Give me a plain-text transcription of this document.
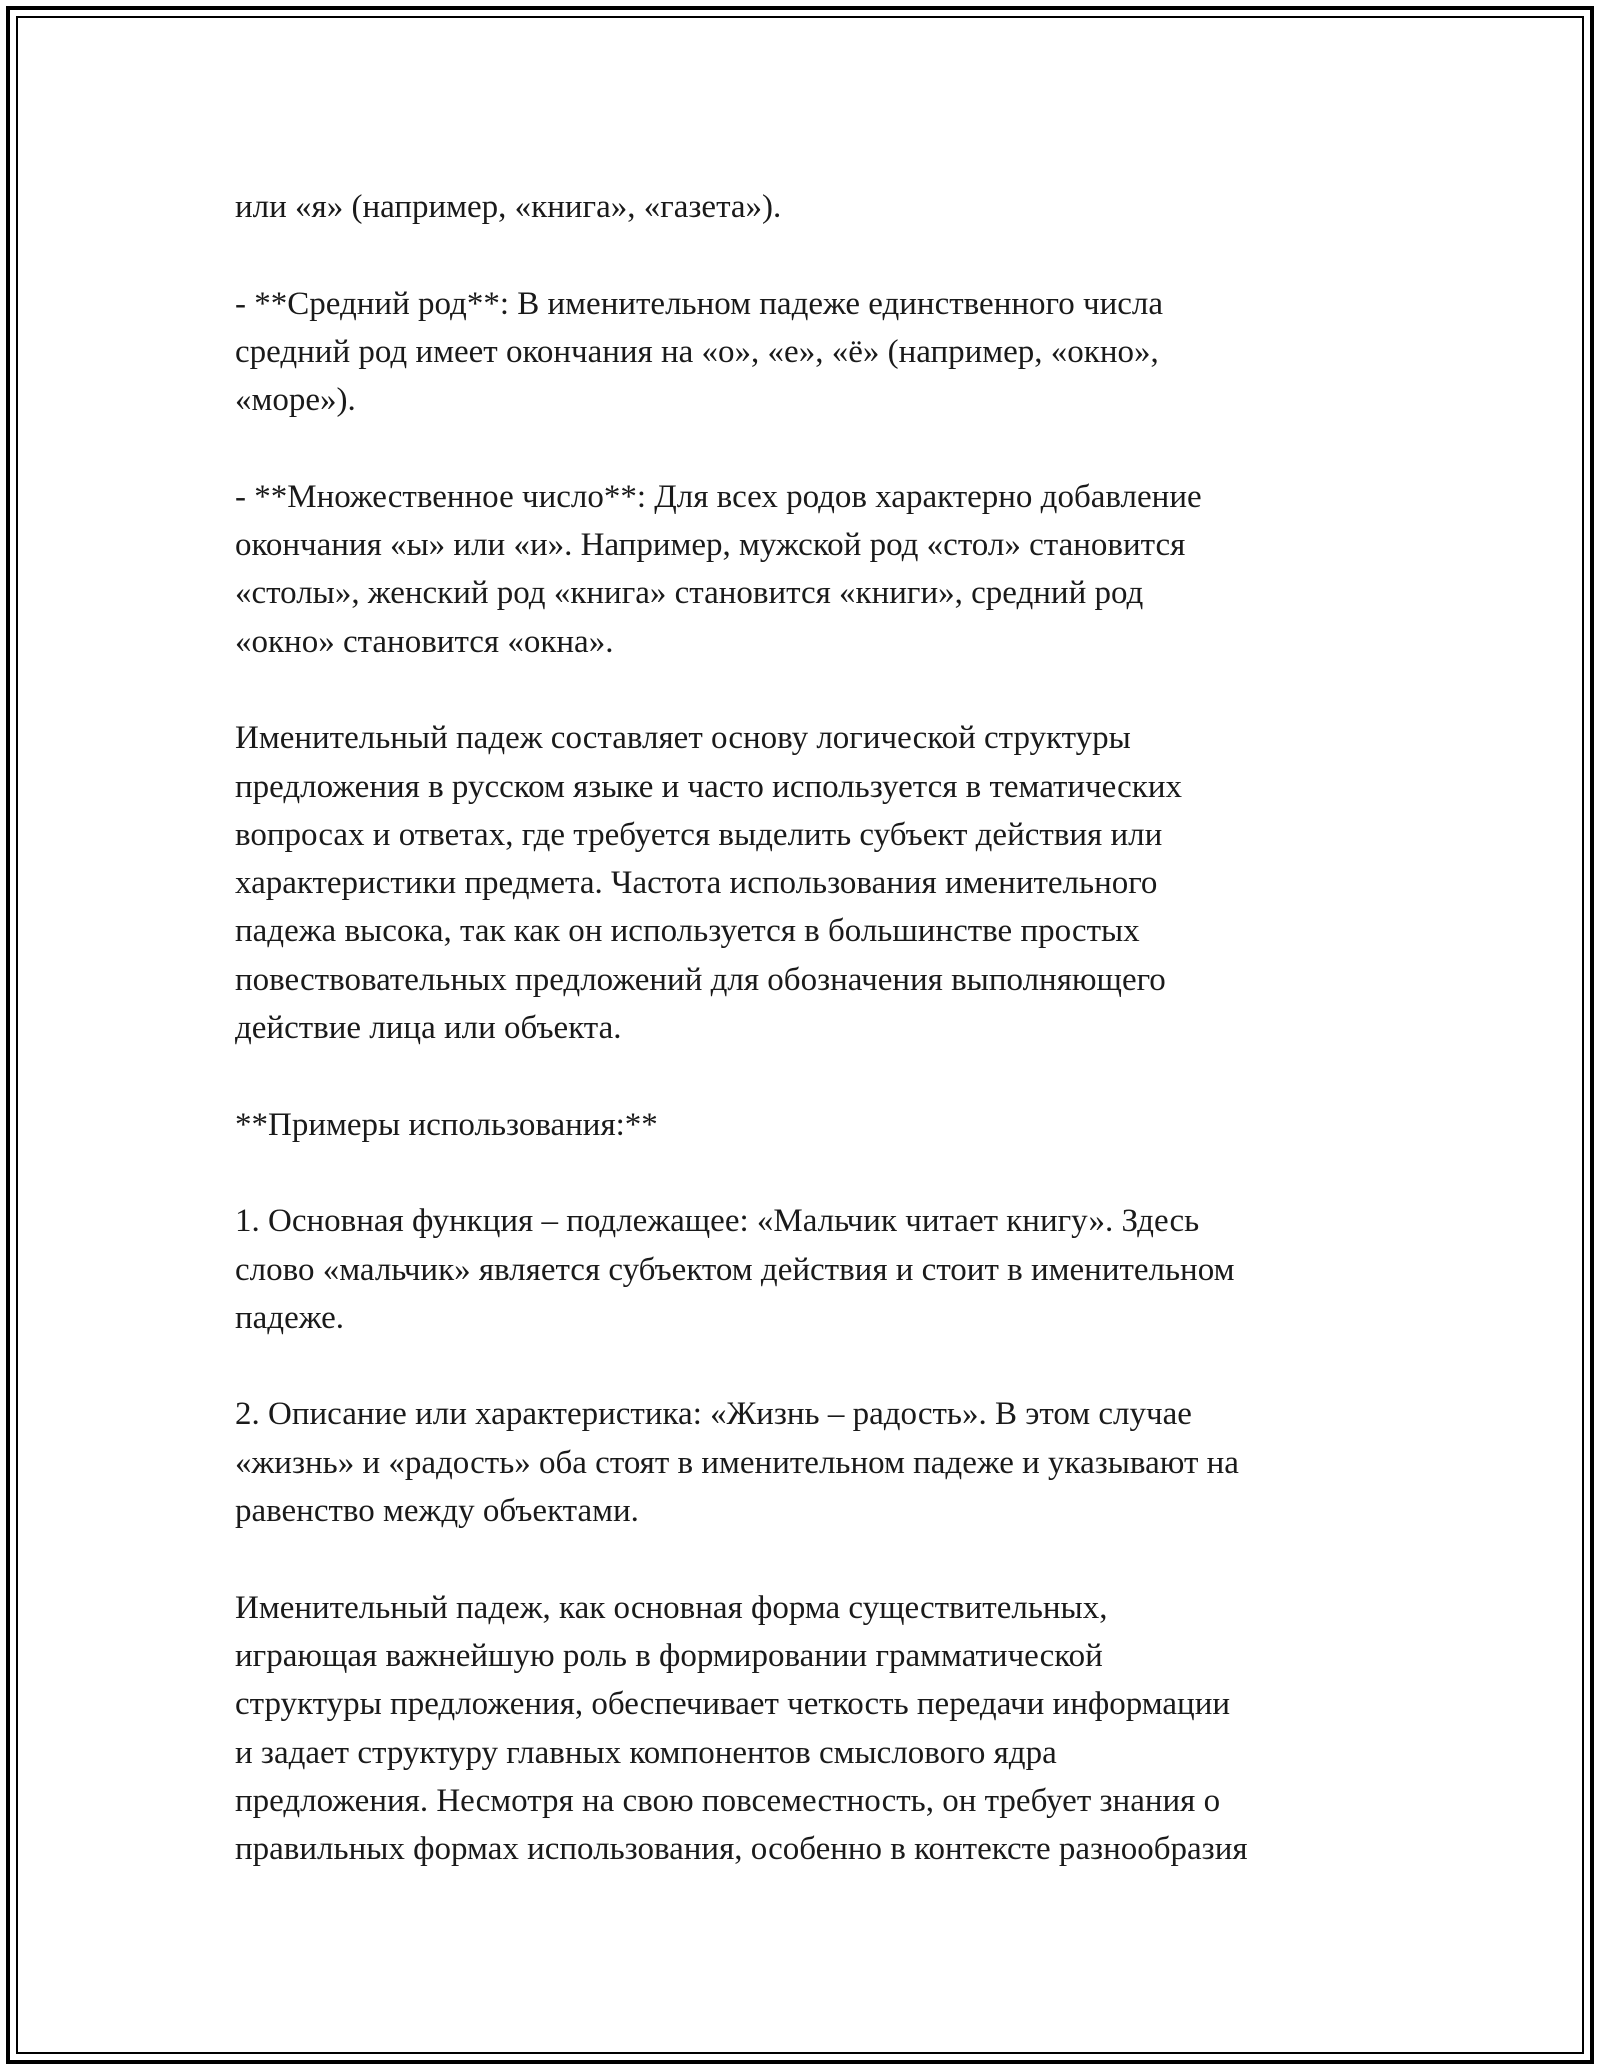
или «я» (например, «книга», «газета»).

- **Средний род**: В именительном падеже единственного числа
средний род имеет окончания на «о», «е», «ё» (например, «окно»,
«море»).

- **Множественное число**: Для всех родов характерно добавление
окончания «ы» или «и». Например, мужской род «стол» становится
«столы», женский род «книга» становится «книги», средний род
«окно» становится «окна».

Именительный падеж составляет основу логической структуры
предложения в русском языке и часто используется в тематических
вопросах и ответах, где требуется выделить субъект действия или
характеристики предмета. Частота использования именительного
падежа высока, так как он используется в большинстве простых
повествовательных предложений для обозначения выполняющего
действие лица или объекта.

**Примеры использования:**

1. Основная функция – подлежащее: «Мальчик читает книгу». Здесь
слово «мальчик» является субъектом действия и стоит в именительном
падеже.

2. Описание или характеристика: «Жизнь – радость». В этом случае
«жизнь» и «радость» оба стоят в именительном падеже и указывают на
равенство между объектами.

Именительный падеж, как основная форма существительных,
играющая важнейшую роль в формировании грамматической
структуры предложения, обеспечивает четкость передачи информации
и задает структуру главных компонентов смыслового ядра
предложения. Несмотря на свою повсеместность, он требует знания о
правильных формах использования, особенно в контексте разнообразия
